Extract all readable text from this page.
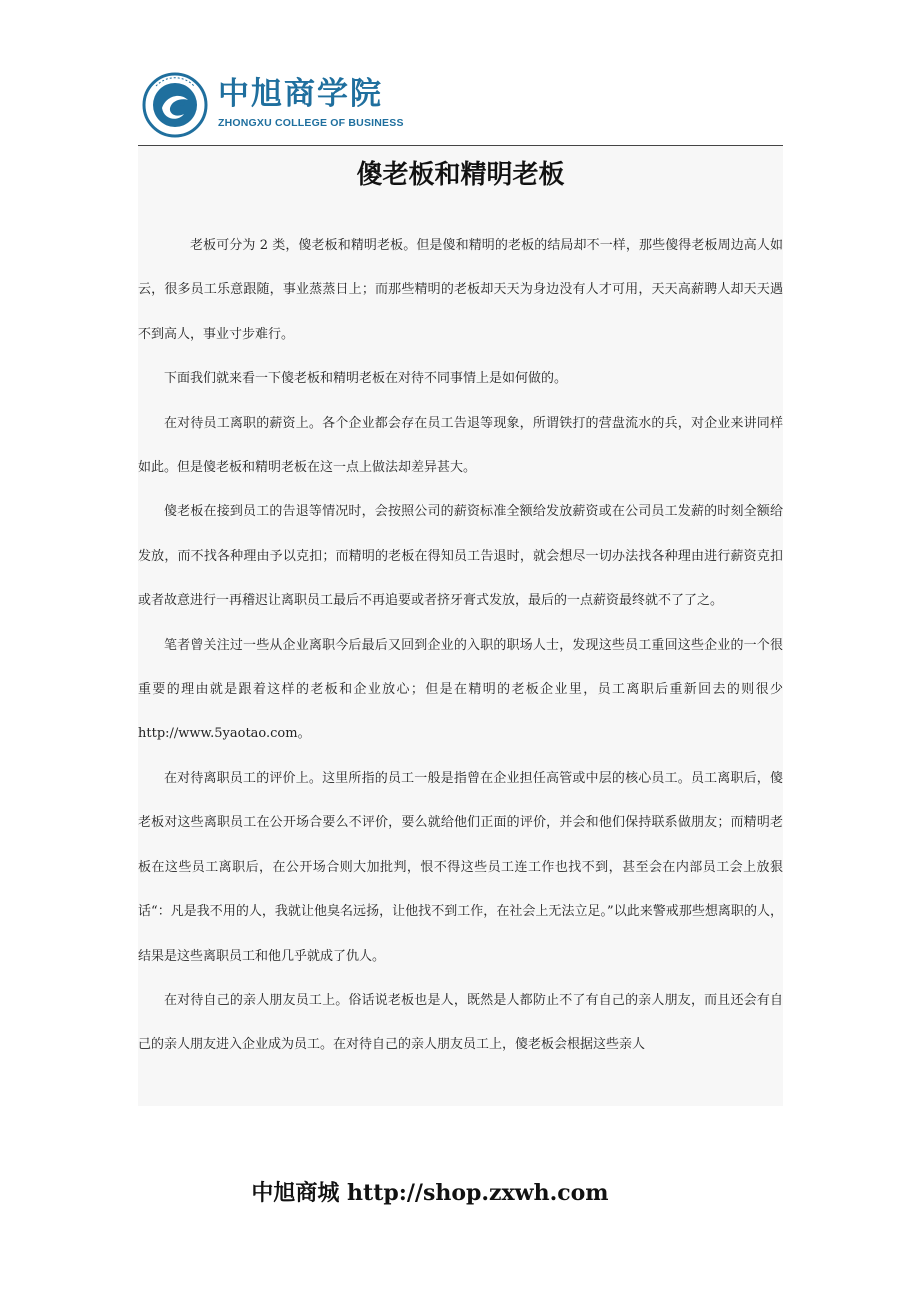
中旭商学院
ZHONGXU COLLEGE OF BUSINESS
傻老板和精明老板

老板可分为 2 类，傻老板和精明老板。但是傻和精明的老板的结局却不一样，那些傻得老板周边高人如云，很多员工乐意跟随，事业蒸蒸日上；而那些精明的老板却天天为身边没有人才可用，天天高薪聘人却天天遇不到高人，事业寸步难行。

下面我们就来看一下傻老板和精明老板在对待不同事情上是如何做的。

在对待员工离职的薪资上。各个企业都会存在员工告退等现象，所谓铁打的营盘流水的兵，对企业来讲同样如此。但是傻老板和精明老板在这一点上做法却差异甚大。

傻老板在接到员工的告退等情况时，会按照公司的薪资标准全额给发放薪资或在公司员工发薪的时刻全额给发放，而不找各种理由予以克扣；而精明的老板在得知员工告退时，就会想尽一切办法找各种理由进行薪资克扣或者故意进行一再稽迟让离职员工最后不再追要或者挤牙膏式发放，最后的一点薪资最终就不了了之。

笔者曾关注过一些从企业离职今后最后又回到企业的入职的职场人士，发现这些员工重回这些企业的一个很重要的理由就是跟着这样的老板和企业放心；但是在精明的老板企业里，员工离职后重新回去的则很少 http://www.5yaotao.com。

在对待离职员工的评价上。这里所指的员工一般是指曾在企业担任高管或中层的核心员工。员工离职后，傻老板对这些离职员工在公开场合要么不评价，要么就给他们正面的评价，并会和他们保持联系做朋友；而精明老板在这些员工离职后，在公开场合则大加批判，恨不得这些员工连工作也找不到，甚至会在内部员工会上放狠话“：凡是我不用的人，我就让他臭名远扬，让他找不到工作，在社会上无法立足。”以此来警戒那些想离职的人，结果是这些离职员工和他几乎就成了仇人。

在对待自己的亲人朋友员工上。俗话说老板也是人，既然是人都防止不了有自己的亲人朋友，而且还会有自己的亲人朋友进入企业成为员工。在对待自己的亲人朋友员工上，傻老板会根据这些亲人

中旭商城 http://shop.zxwh.com
